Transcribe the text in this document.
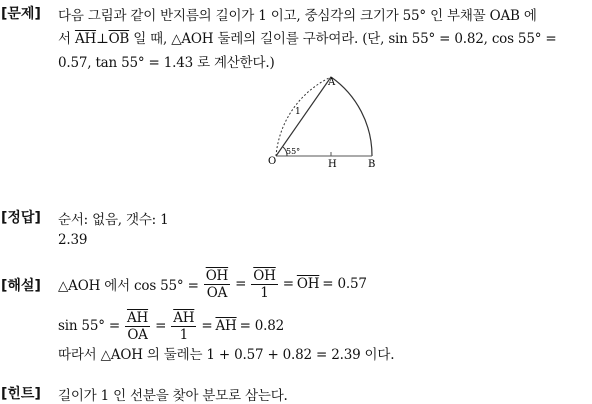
[문제] 다음 그림과 같이 반지름의 길이가 1 이고, 중심각의 크기가 55° 인 부채꼴 OAB 에
서 $\overline{AH}\perp\overline{OB}$ 일 때, △AOH 둘레의 길이를 구하여라. (단, sin 55° = 0.82, cos 55° =
0.57, tan 55° = 1.43 로 계산한다.)
A
O	H	B
1
55°
[정답] 순서: 없음, 갯수: 1
2.39
[해설] △AOH 에서 $\cos 55^\circ = \frac{\overline{OH}}{OA} = \frac{\overline{OH}}{1} = \overline{OH} = 0.57$
$\sin 55^\circ = \frac{\overline{AH}}{OA} = \frac{\overline{AH}}{1} = \overline{AH} = 0.82$
따라서 △AOH 의 둘레는 1 + 0.57 + 0.82 = 2.39 이다.
[힌트] 길이가 1 인 선분을 찾아 분모로 삼는다.
